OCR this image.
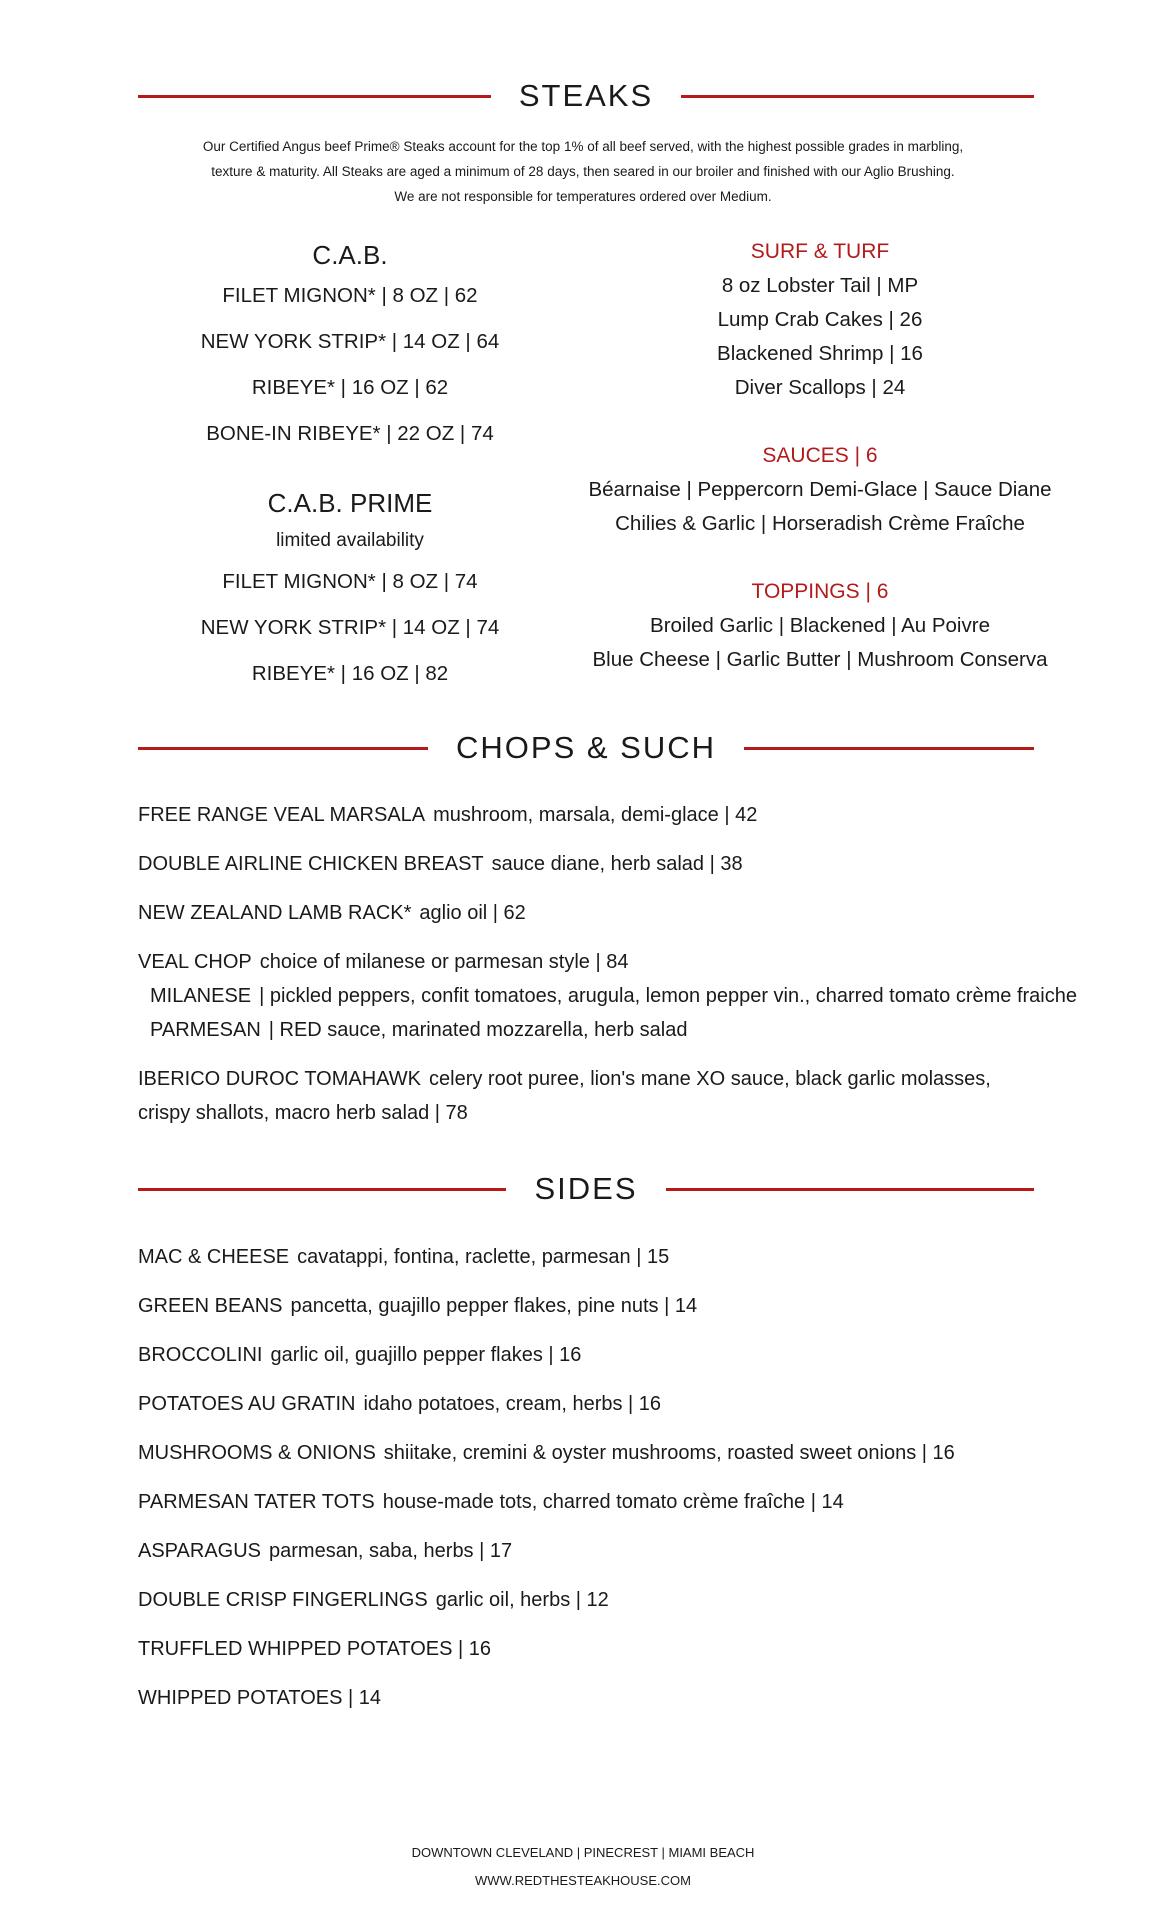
STEAKS
Our Certified Angus beef Prime® Steaks account for the top 1% of all beef served, with the highest possible grades in marbling,
texture & maturity. All Steaks are aged a minimum of 28 days, then seared in our broiler and finished with our Aglio Brushing.
We are not responsible for temperatures ordered over Medium.
C.A.B.
FILET MIGNON* | 8 OZ | 62
NEW YORK STRIP* | 14 OZ | 64
RIBEYE* | 16 OZ | 62
BONE-IN RIBEYE* | 22 OZ | 74
C.A.B. PRIME
limited availability
FILET MIGNON* | 8 OZ | 74
NEW YORK STRIP* | 14 OZ | 74
RIBEYE* | 16 OZ | 82
SURF & TURF
8 oz Lobster Tail | MP
Lump Crab Cakes | 26
Blackened Shrimp | 16
Diver Scallops | 24
SAUCES | 6
Béarnaise | Peppercorn Demi-Glace | Sauce Diane
Chilies & Garlic | Horseradish Crème Fraîche
TOPPINGS | 6
Broiled Garlic | Blackened | Au Poivre
Blue Cheese | Garlic Butter | Mushroom Conserva
CHOPS & SUCH
FREE RANGE VEAL MARSALA mushroom, marsala, demi-glace | 42
DOUBLE AIRLINE CHICKEN BREAST sauce diane, herb salad | 38
NEW ZEALAND LAMB RACK* aglio oil | 62
VEAL CHOP choice of milanese or parmesan style | 84
MILANESE | pickled peppers, confit tomatoes, arugula, lemon pepper vin., charred tomato crème fraiche
PARMESAN | RED sauce, marinated mozzarella, herb salad
IBERICO DUROC TOMAHAWK celery root puree, lion's mane XO sauce, black garlic molasses,
crispy shallots, macro herb salad | 78
SIDES
MAC & CHEESE cavatappi, fontina, raclette, parmesan | 15
GREEN BEANS pancetta, guajillo pepper flakes, pine nuts | 14
BROCCOLINI garlic oil, guajillo pepper flakes | 16
POTATOES AU GRATIN idaho potatoes, cream, herbs | 16
MUSHROOMS & ONIONS shiitake, cremini & oyster mushrooms, roasted sweet onions | 16
PARMESAN TATER TOTS house-made tots, charred tomato crème fraîche | 14
ASPARAGUS parmesan, saba, herbs | 17
DOUBLE CRISP FINGERLINGS garlic oil, herbs | 12
TRUFFLED WHIPPED POTATOES | 16
WHIPPED POTATOES | 14
DOWNTOWN CLEVELAND | PINECREST | MIAMI BEACH
WWW.REDTHESTEAKHOUSE.COM
